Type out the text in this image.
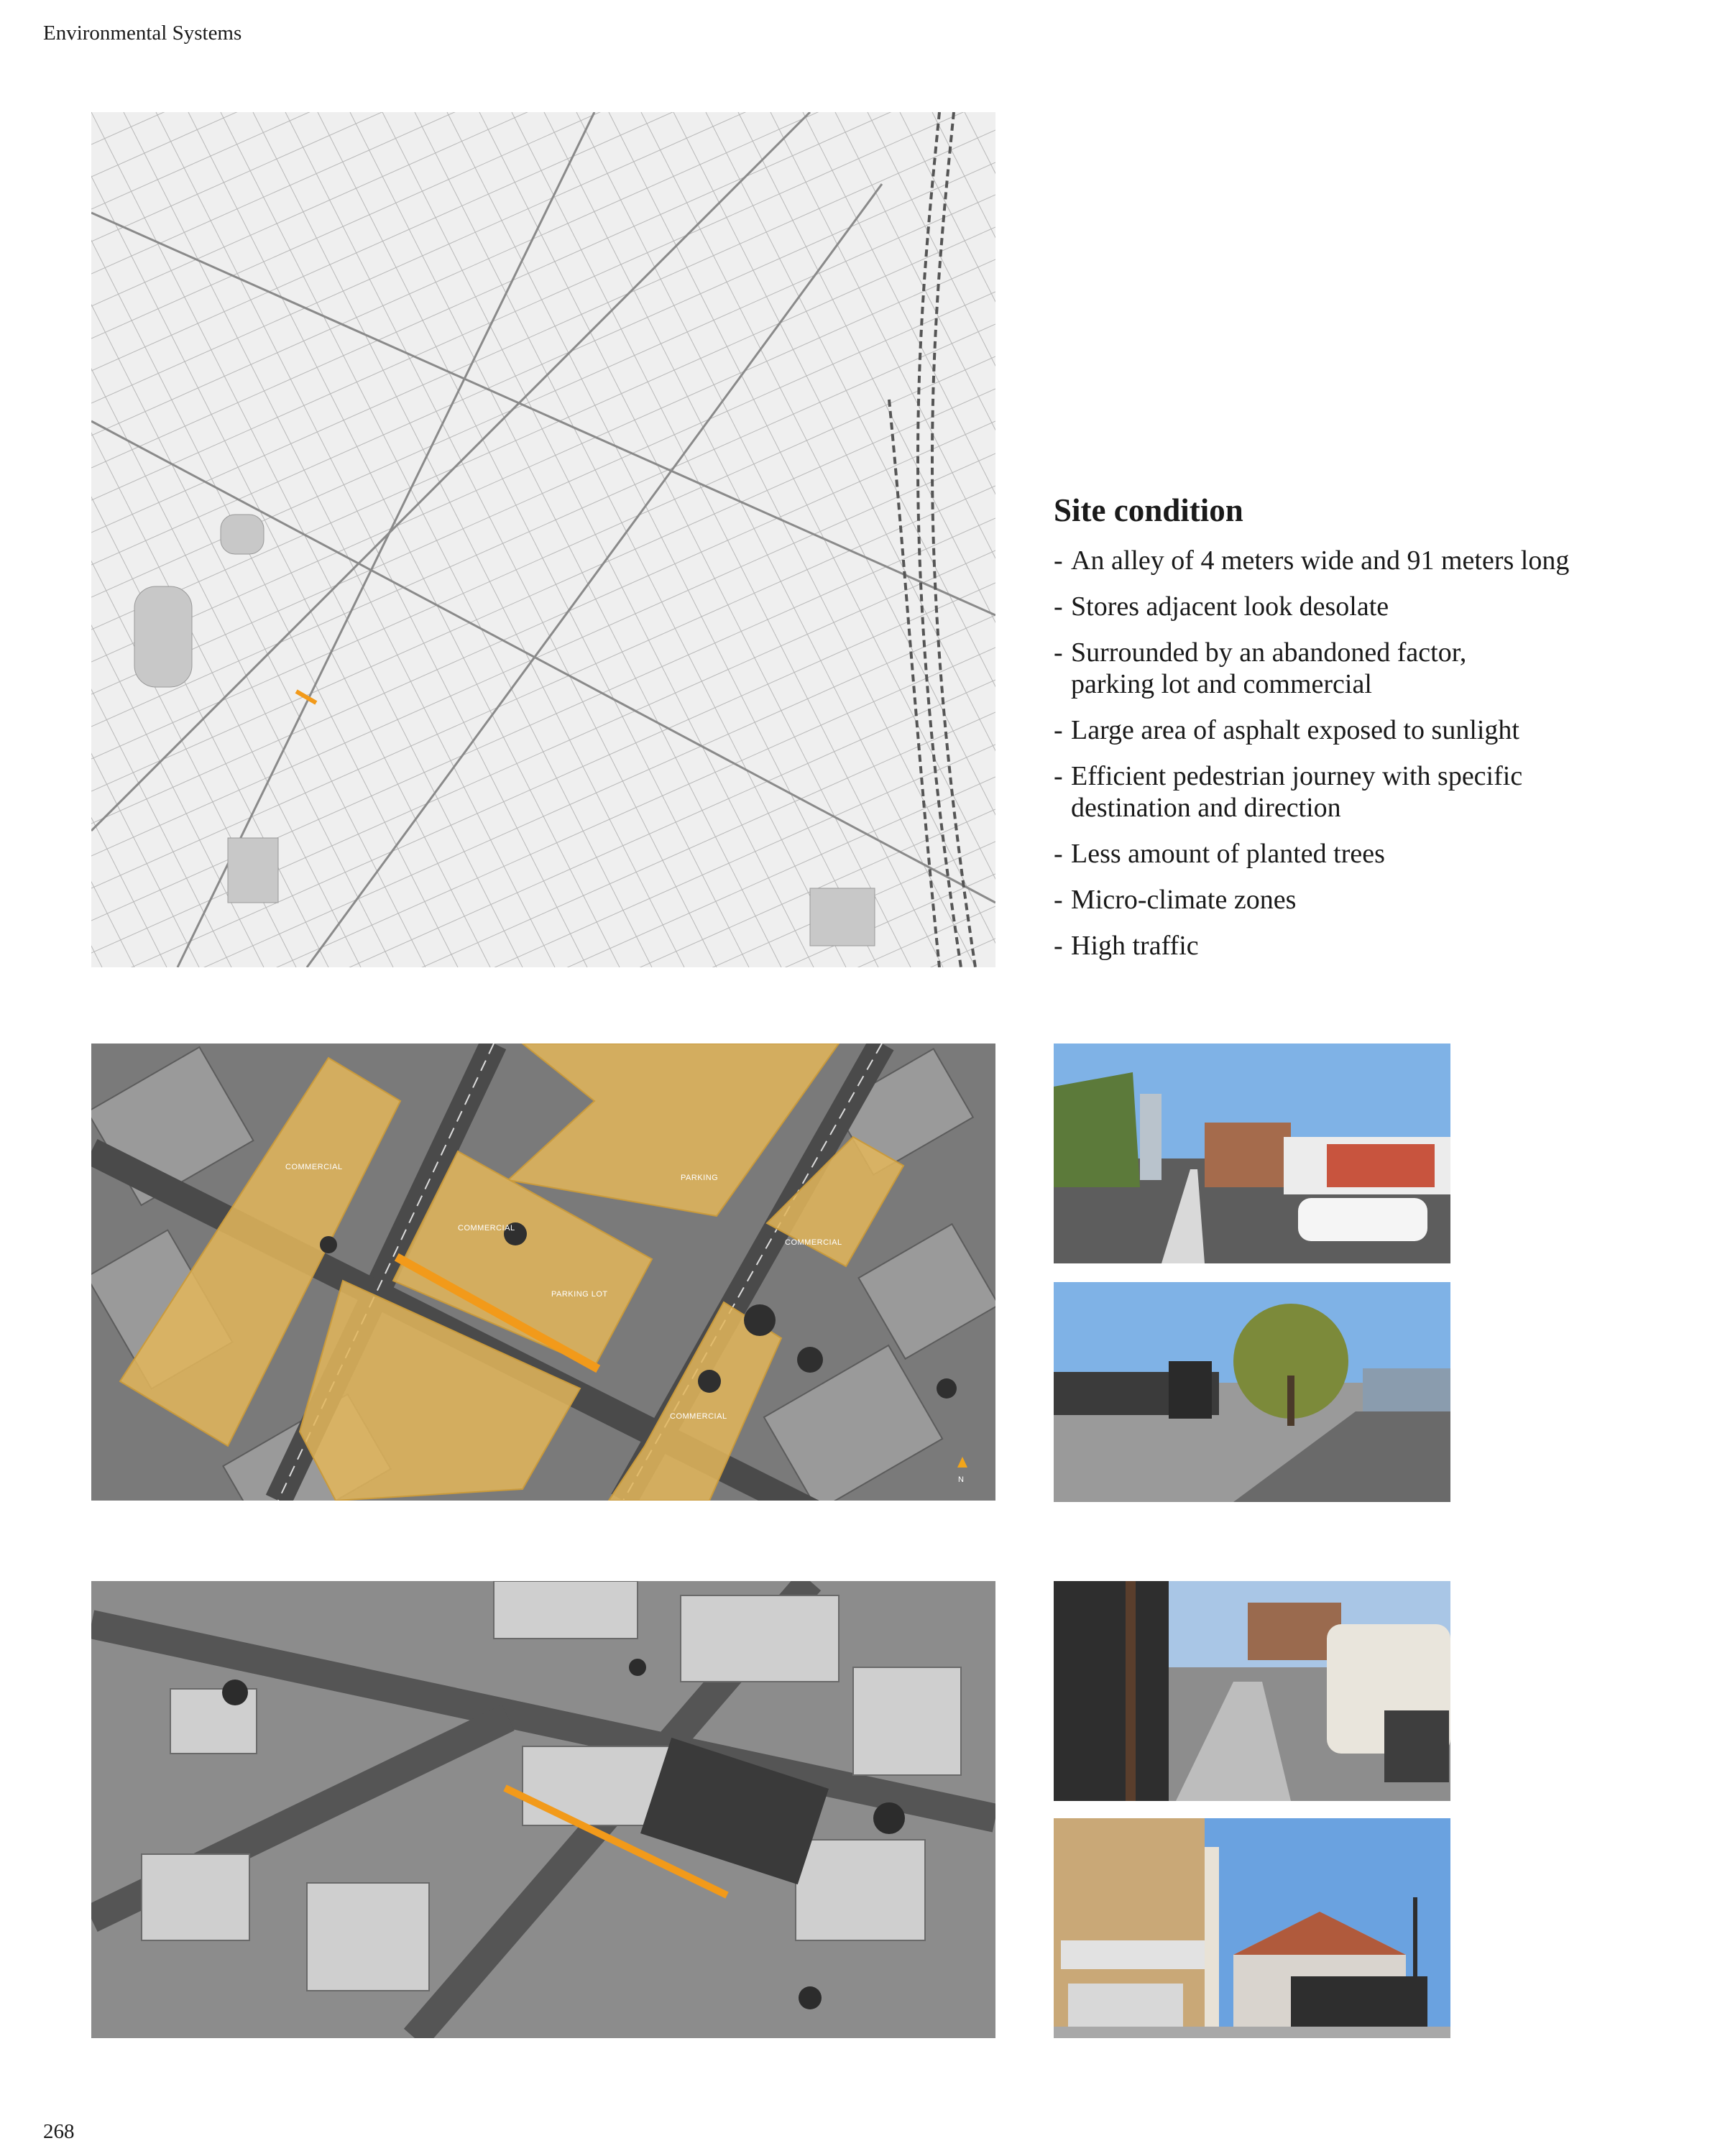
Environmental Systems
Site condition
- An alley of 4 meters wide and 91 meters long
- Stores adjacent look desolate
- Surrounded by an abandoned factor,
parking lot and commercial
- Large area of asphalt exposed to sunlight
- Efficient pedestrian journey with specific
destination and direction
- Less amount of planted trees
- Micro-climate zones
- High traffic
COMMERCIAL
COMMERCIAL
COMMERCIAL
COMMERCIAL
PARKING
PARKING LOT
N
268
